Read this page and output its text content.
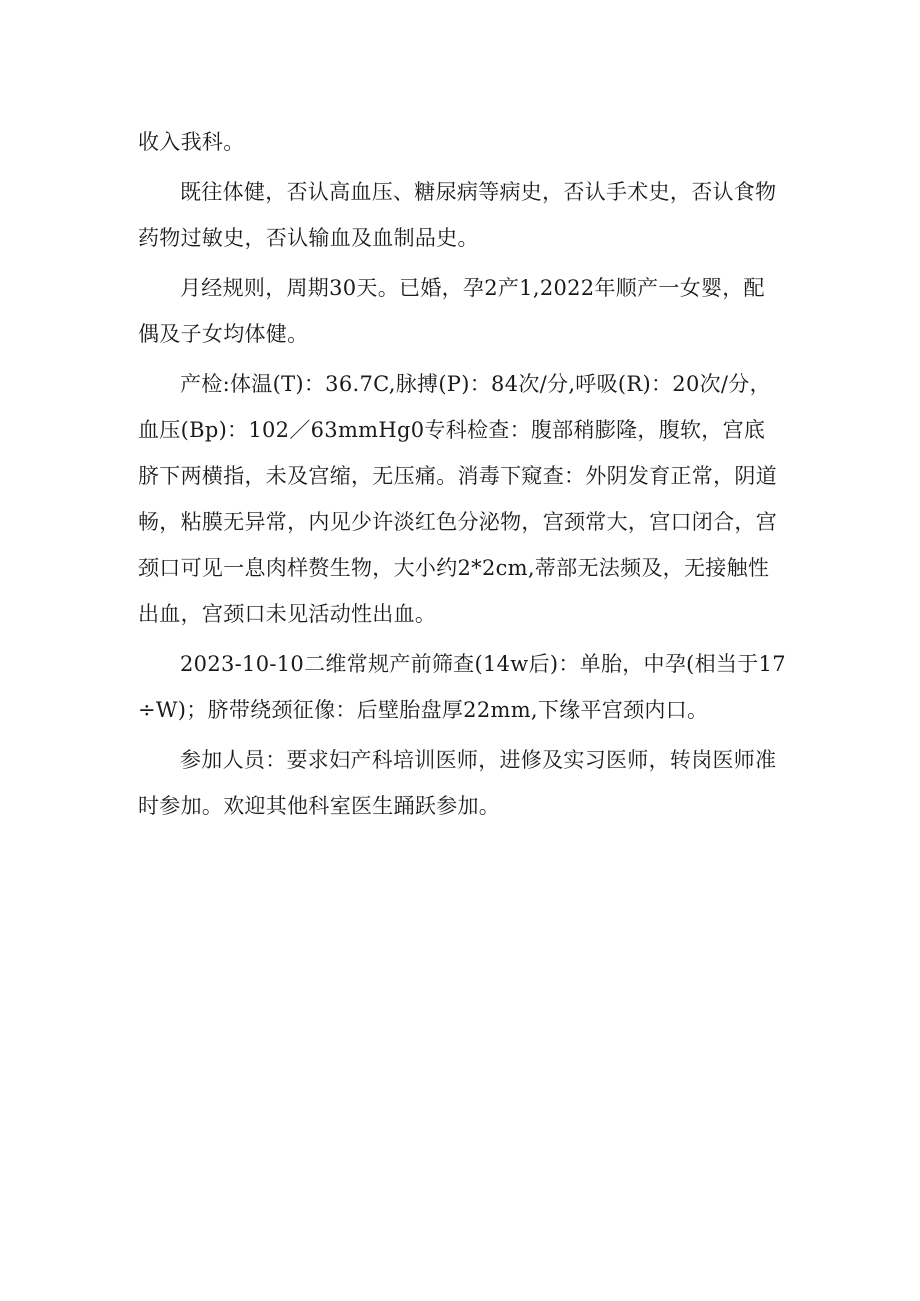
收入我科。

既往体健，否认高血压、糖尿病等病史，否认手术史，否认食物药物过敏史，否认输血及血制品史。

月经规则，周期30天。已婚，孕2产1,2022年顺产一女婴，配偶及子女均体健。

产检:体温(T)：36.7C,脉搏(P)：84次/分,呼吸(R)：20次/分，血压(Bp)：102／63mmHg0专科检查：腹部稍膨隆，腹软，宫底脐下两横指，未及宫缩，无压痛。消毒下窥查：外阴发育正常，阴道畅，粘膜无异常，内见少许淡红色分泌物，宫颈常大，宫口闭合，宫颈口可见一息肉样赘生物，大小约2*2cm,蒂部无法频及，无接触性出血，宫颈口未见活动性出血。

2023-10-10二维常规产前筛查(14w后)：单胎，中孕(相当于17÷W)；脐带绕颈征像：后壁胎盘厚22mm,下缘平宫颈内口。

参加人员：要求妇产科培训医师，进修及实习医师，转岗医师准时参加。欢迎其他科室医生踊跃参加。
